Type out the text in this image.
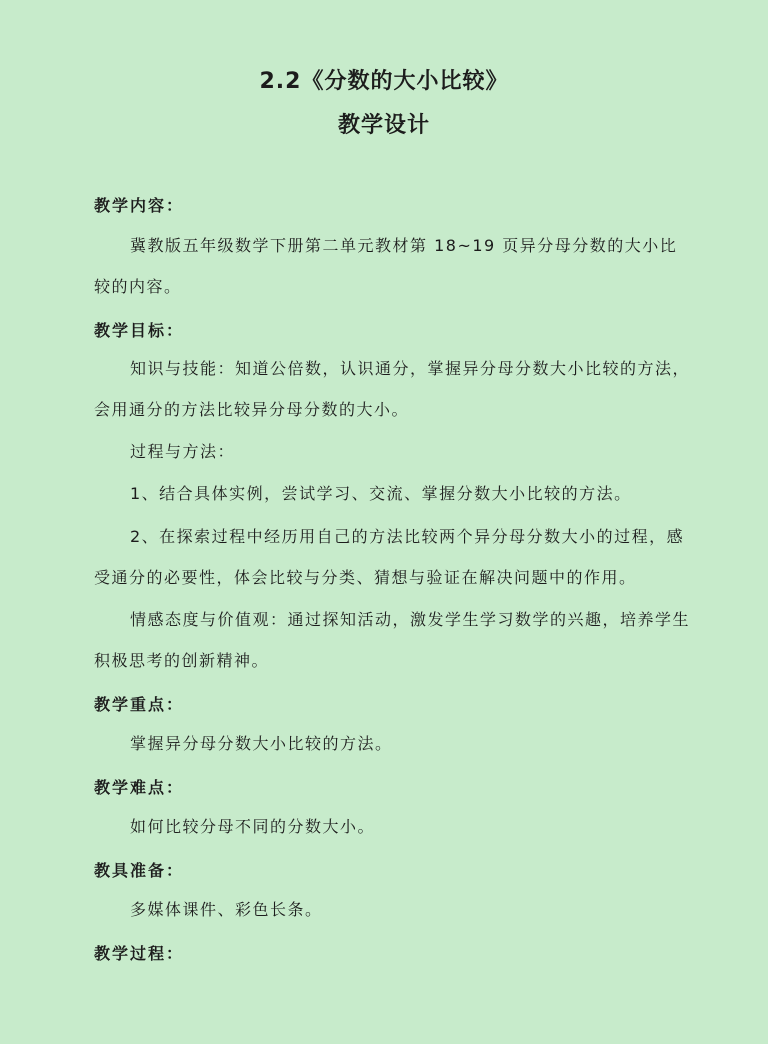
2.2《分数的大小比较》
教学设计
教学内容：

冀教版五年级数学下册第二单元教材第 18~19 页异分母分数的大小比较的内容。

教学目标：

知识与技能：知道公倍数，认识通分，掌握异分母分数大小比较的方法，会用通分的方法比较异分母分数的大小。

过程与方法：

1、结合具体实例，尝试学习、交流、掌握分数大小比较的方法。

2、在探索过程中经历用自己的方法比较两个异分母分数大小的过程，感受通分的必要性，体会比较与分类、猜想与验证在解决问题中的作用。

情感态度与价值观：通过探知活动，激发学生学习数学的兴趣，培养学生积极思考的创新精神。

教学重点：

掌握异分母分数大小比较的方法。

教学难点：

如何比较分母不同的分数大小。

教具准备：

多媒体课件、彩色长条。

教学过程：
